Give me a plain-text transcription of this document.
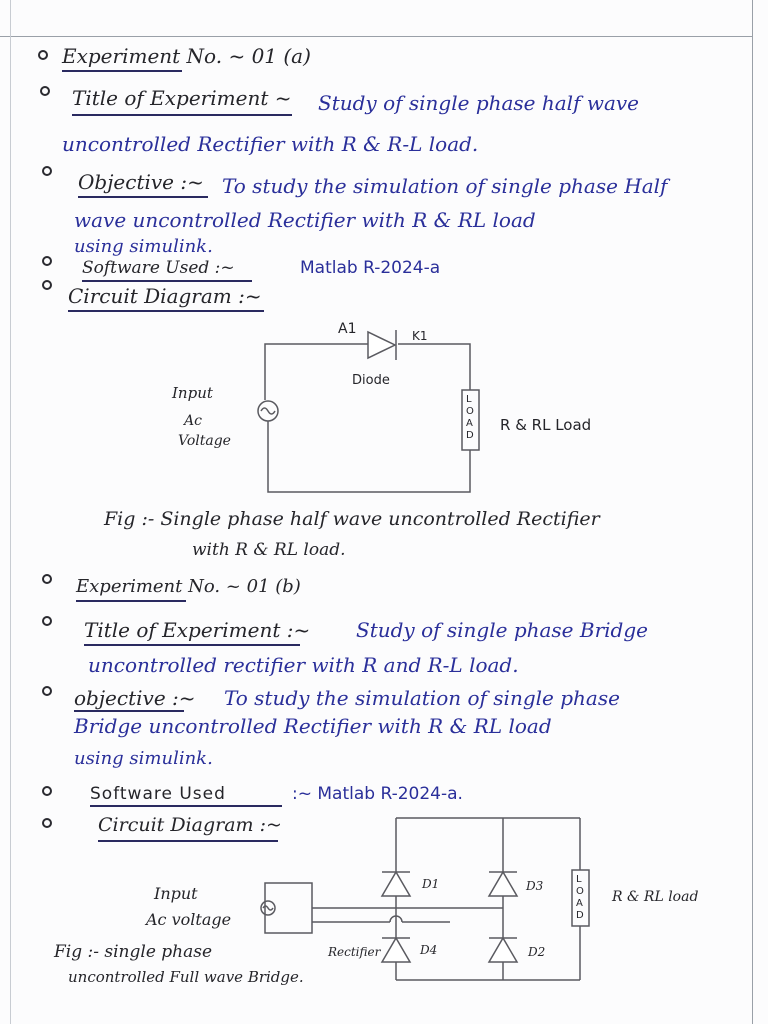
Experiment No. ~ 01 (a)
Title of Experiment ~ Study of single phase half wave
uncontrolled Rectifier with R & R-L load.
Objective :~ To study the simulation of single phase Half
wave uncontrolled Rectifier with R & RL load
using simulink.
Software Used :~	Matlab R-2024-a
Circuit Diagram :~
A1	K1
Diode
Input
Ac
Voltage
LOAD
R & RL Load
Fig :- Single phase half wave uncontrolled Rectifier
with R & RL load.
Experiment No. ~ 01 (b)
Title of Experiment :~ Study of single phase Bridge
uncontrolled rectifier with R and R-L load.
objective :~ To study the simulation of single phase
Bridge uncontrolled Rectifier with R & RL load
using simulink.
Software Used	:~ Matlab R-2024-a.
Circuit Diagram :~
D1	D3
D4	D2
Input
Ac voltage
LOAD
R & RL load
Rectifier
Fig :- single phase
uncontrolled Full wave Bridge.
